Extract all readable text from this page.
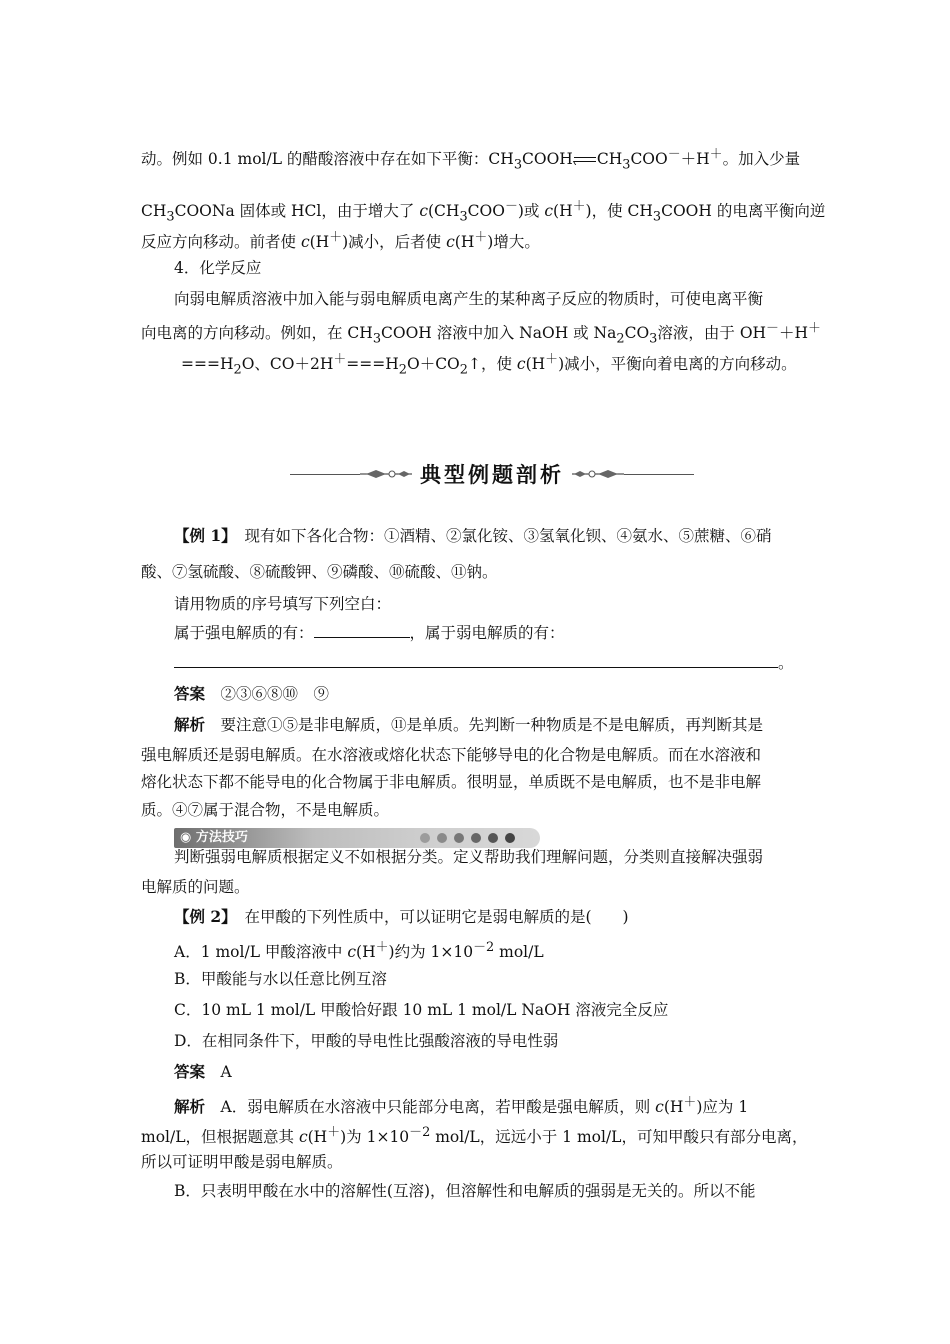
动。例如 0.1 mol/L 的醋酸溶液中存在如下平衡：$CH_3COOH$ $CH_3COO^-+H^+$。加入少量
$CH_3COONa$ 固体或 HCl，由于增大了 $c(CH_3COO^-)$或 c(H＋)，使 $CH_3COOH$ 的电离平衡向逆
反应方向移动。前者使 c(H＋)减小，后者使 c(H＋)增大。
4．化学反应
向弱电解质溶液中加入能与弱电解质电离产生的某种离子反应的物质时，可使电离平衡
向电离的方向移动。例如，在 $CH_3COOH$ 溶液中加入 NaOH 或 $Na_2CO_3$溶液，由于 OH－＋H＋
$===H_2O$、$CO+2H^+===H_2O+CO_2↑$，使 c(H＋)减小，平衡向着电离的方向移动。
典型例题剖析
【例 1】　 现有如下各化合物：①酒精、②氯化铵、③氢氧化钡、④氨水、⑤蔗糖、⑥硝
酸、⑦氢硫酸、⑧硫酸钾、⑨磷酸、⑩硫酸、⑪钠。
请用物质的序号填写下列空白：
属于强电解质的有：	，属于弱电解质的有：
。
答案　 ②③⑥⑧⑩　⑨
解析　 要注意①⑤是非电解质，⑪是单质。先判断一种物质是不是电解质，再判断其是
强电解质还是弱电解质。在水溶液或熔化状态下能够导电的化合物是电解质。而在水溶液和
熔化状态下都不能导电的化合物属于非电解质。很明显，单质既不是电解质，也不是非电解
质。④⑦属于混合物，不是电解质。
◉ 方法技巧
判断强弱电解质根据定义不如根据分类。定义帮助我们理解问题，分类则直接解决强弱
电解质的问题。
【例 2】　 在甲酸的下列性质中，可以证明它是弱电解质的是(　　)
A．1 mol/L 甲酸溶液中 c(H＋)约为 $1\times 10^{-2}$ mol/L
B．甲酸能与水以任意比例互溶
C．10 mL 1 mol/L 甲酸恰好跟 10 mL 1 mol/L NaOH 溶液完全反应
D．在相同条件下，甲酸的导电性比强酸溶液的导电性弱
答案　 A
解析　 A．弱电解质在水溶液中只能部分电离，若甲酸是强电解质，则 c(H＋)应为 1
mol/L，但根据题意其 c(H＋)为 $1\times 10^{-2}$ mol/L，远远小于 1 mol/L，可知甲酸只有部分电离，
所以可证明甲酸是弱电解质。
B．只表明甲酸在水中的溶解性(互溶)，但溶解性和电解质的强弱是无关的。所以不能
